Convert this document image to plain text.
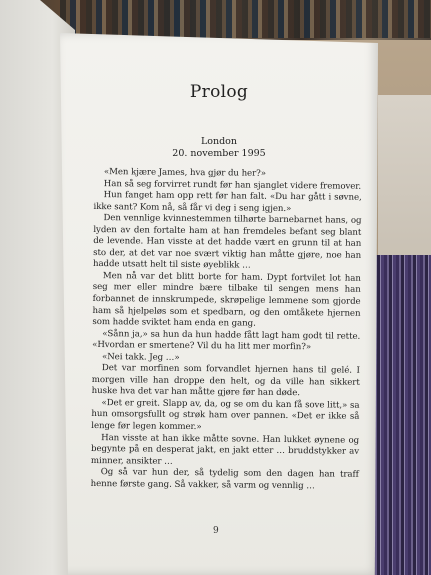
Prolog
London
20. november 1995

«Men kjære James, hva gjør du her?»

Han så seg forvirret rundt før han sjanglet videre fremover.

Hun fanget ham opp rett før han falt. «Du har gått i søvne, ikke sant? Kom nå, så får vi deg i seng igjen.»

Den vennlige kvinnestemmen tilhørte barnebarnet hans, og lyden av den fortalte ham at han fremdeles befant seg blant de levende. Han visste at det hadde vært en grunn til at han sto der, at det var noe svært viktig han måtte gjøre, noe han hadde utsatt helt til siste øyeblikk …

Men nå var det blitt borte for ham. Dypt fortvilet lot han seg mer eller mindre bære tilbake til sengen mens han forbannet de innskrumpede, skrøpelige lemmene som gjorde ham så hjelpeløs som et spedbarn, og den omtåkete hjernen som hadde sviktet ham enda en gang.

«Sånn ja,» sa hun da hun hadde fått lagt ham godt til rette. «Hvordan er smertene? Vil du ha litt mer morfin?»

«Nei takk. Jeg …»

Det var morfinen som forvandlet hjernen hans til gelé. I morgen ville han droppe den helt, og da ville han sikkert huske hva det var han måtte gjøre før han døde.

«Det er greit. Slapp av, da, og se om du kan få sove litt,» sa hun omsorgsfullt og strøk ham over pannen. «Det er ikke så lenge før legen kommer.»

Han visste at han ikke måtte sovne. Han lukket øynene og begynte på en desperat jakt, en jakt etter … bruddstykker av minner, ansikter …

Og så var hun der, så tydelig som den dagen han traff henne første gang. Så vakker, så varm og vennlig …

9
